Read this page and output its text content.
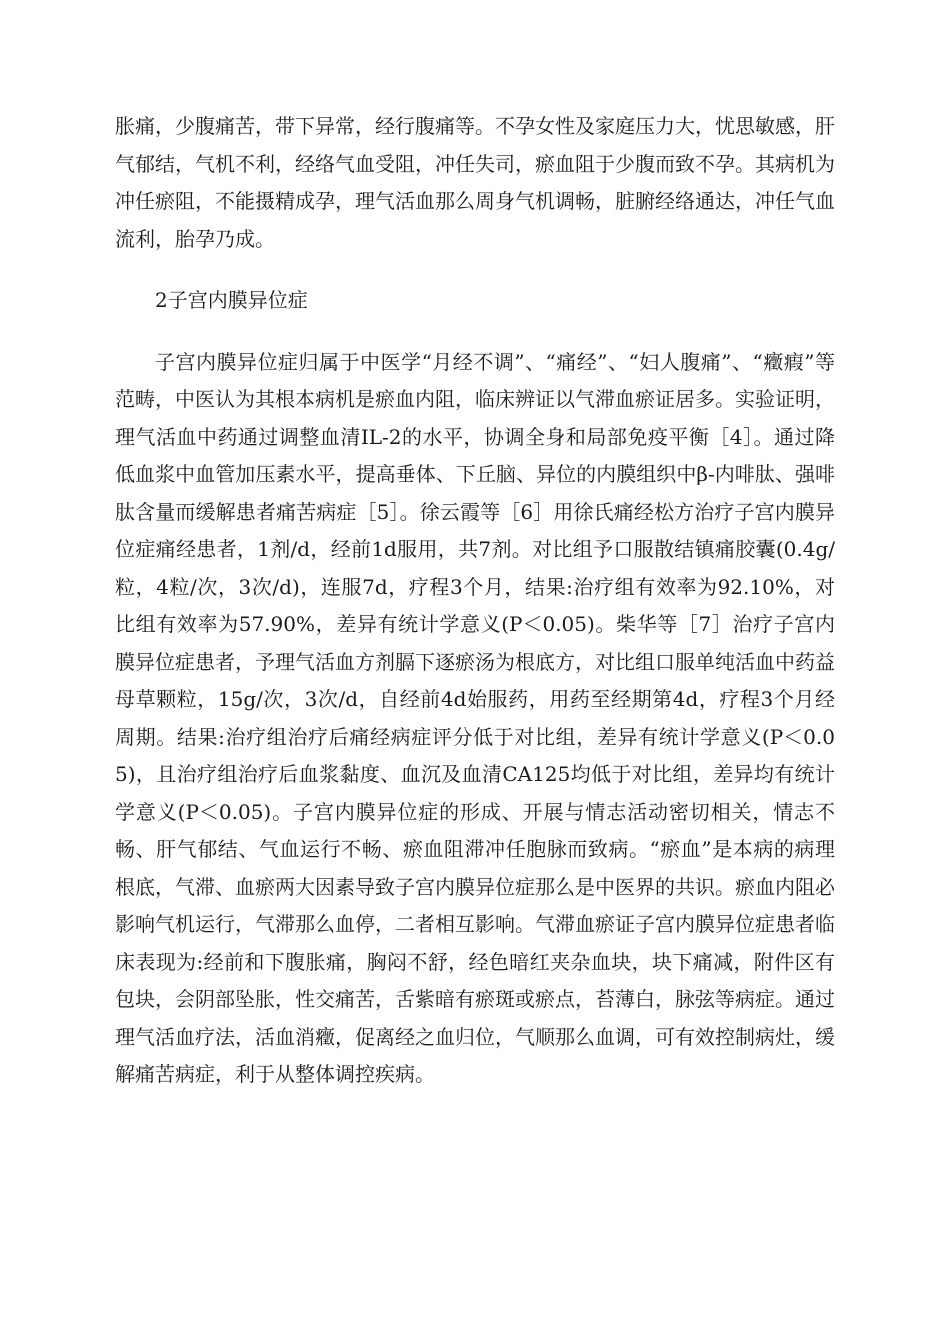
胀痛，少腹痛苦，带下异常，经行腹痛等。不孕女性及家庭压力大，忧思敏感，肝气郁结，气机不利，经络气血受阻，冲任失司，瘀血阻于少腹而致不孕。其病机为冲任瘀阻，不能摄精成孕，理气活血那么周身气机调畅，脏腑经络通达，冲任气血流利，胎孕乃成。

2子宫内膜异位症

子宫内膜异位症归属于中医学“月经不调”、“痛经”、“妇人腹痛”、“癥瘕”等范畴，中医认为其根本病机是瘀血内阻，临床辨证以气滞血瘀证居多。实验证明，理气活血中药通过调整血清IL-2的水平，协调全身和局部免疫平衡［4］。通过降低血浆中血管加压素水平，提高垂体、下丘脑、异位的内膜组织中β-内啡肽、强啡肽含量而缓解患者痛苦病症［5］。徐云霞等［6］用徐氏痛经松方治疗子宫内膜异位症痛经患者，1剂/d，经前1d服用，共7剂。对比组予口服散结镇痛胶囊(0.4g/粒，4粒/次，3次/d)，连服7d，疗程3个月，结果:治疗组有效率为92.10%，对比组有效率为57.90%，差异有统计学意义(P＜0.05)。柴华等［7］治疗子宫内膜异位症患者，予理气活血方剂膈下逐瘀汤为根底方，对比组口服单纯活血中药益母草颗粒，15g/次，3次/d，自经前4d始服药，用药至经期第4d，疗程3个月经周期。结果:治疗组治疗后痛经病症评分低于对比组，差异有统计学意义(P＜0.05)，且治疗组治疗后血浆黏度、血沉及血清CA125均低于对比组，差异均有统计学意义(P＜0.05)。子宫内膜异位症的形成、开展与情志活动密切相关，情志不畅、肝气郁结、气血运行不畅、瘀血阻滞冲任胞脉而致病。“瘀血”是本病的病理根底，气滞、血瘀两大因素导致子宫内膜异位症那么是中医界的共识。瘀血内阻必影响气机运行，气滞那么血停，二者相互影响。气滞血瘀证子宫内膜异位症患者临床表现为:经前和下腹胀痛，胸闷不舒，经色暗红夹杂血块，块下痛减，附件区有包块，会阴部坠胀，性交痛苦，舌紫暗有瘀斑或瘀点，苔薄白，脉弦等病症。通过理气活血疗法，活血消癥，促离经之血归位，气顺那么血调，可有效控制病灶，缓解痛苦病症，利于从整体调控疾病。
